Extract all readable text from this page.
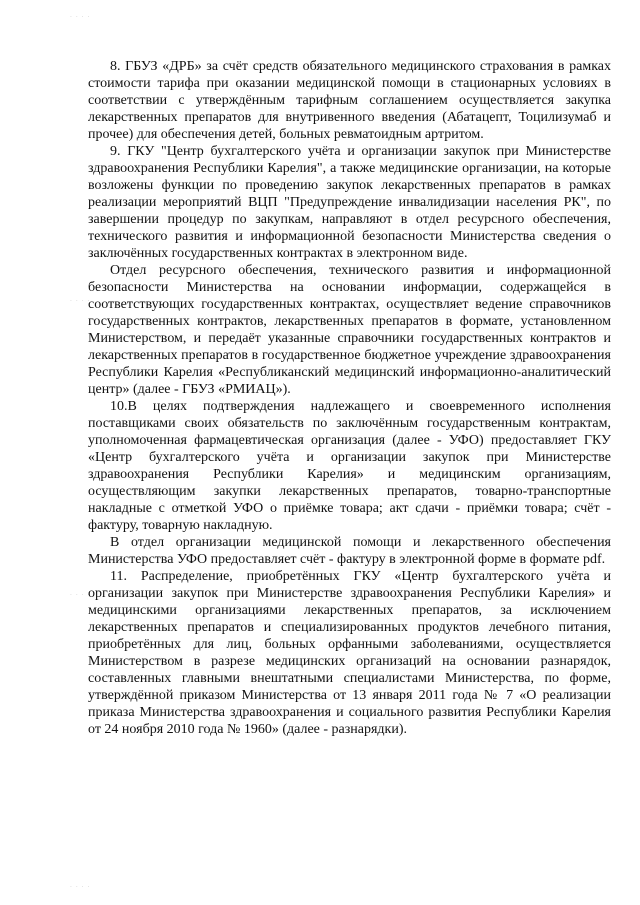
· · · ·
· · · ·
· · · ·
· · · ·

8. ГБУЗ «ДРБ» за счёт средств обязательного медицинского страхования в рамках стоимости тарифа при оказании медицинской помощи в стационарных условиях в соответствии с утверждённым тарифным соглашением осуществляется закупка лекарственных препаратов для внутривенного введения (Абатацепт, Тоцилизумаб и прочее) для обеспечения детей, больных ревматоидным артритом.

9. ГКУ "Центр бухгалтерского учёта и организации закупок при Министерстве здравоохранения Республики Карелия", а также медицинские организации, на которые возложены функции по проведению закупок лекарственных препаратов в рамках реализации мероприятий ВЦП "Предупреждение инвалидизации населения РК", по завершении процедур по закупкам, направляют в отдел ресурсного обеспечения, технического развития и информационной безопасности Министерства сведения о заключённых государственных контрактах в электронном виде.

Отдел ресурсного обеспечения, технического развития и информационной безопасности Министерства на основании информации, содержащейся в соответствующих государственных контрактах, осуществляет ведение справочников государственных контрактов, лекарственных препаратов в формате, установленном Министерством, и передаёт указанные справочники государственных контрактов и лекарственных препаратов в государственное бюджетное учреждение здравоохранения Республики Карелия «Республиканский медицинский информационно-аналитический центр» (далее - ГБУЗ «РМИАЦ»).

10.В целях подтверждения надлежащего и своевременного исполнения поставщиками своих обязательств по заключённым государственным контрактам, уполномоченная фармацевтическая организация (далее - УФО) предоставляет ГКУ «Центр бухгалтерского учёта и организации закупок при Министерстве здравоохранения Республики Карелия» и медицинским организациям, осуществляющим закупки лекарственных препаратов, товарно-транспортные накладные с отметкой УФО о приёмке товара; акт сдачи - приёмки товара; счёт - фактуру, товарную накладную.

В отдел организации медицинской помощи и лекарственного обеспечения Министерства УФО предоставляет счёт - фактуру в электронной форме в формате pdf.

11. Распределение, приобретённых ГКУ «Центр бухгалтерского учёта и организации закупок при Министерстве здравоохранения Республики Карелия» и медицинскими организациями лекарственных препаратов, за исключением лекарственных препаратов и специализированных продуктов лечебного питания, приобретённых для лиц, больных орфанными заболеваниями, осуществляется Министерством в разрезе медицинских организаций на основании разнарядок, составленных главными внештатными специалистами Министерства, по форме, утверждённой приказом Министерства от 13 января 2011 года № 7 «О реализации приказа Министерства здравоохранения и социального развития Республики Карелия от 24 ноября 2010 года № 1960» (далее - разнарядки).
